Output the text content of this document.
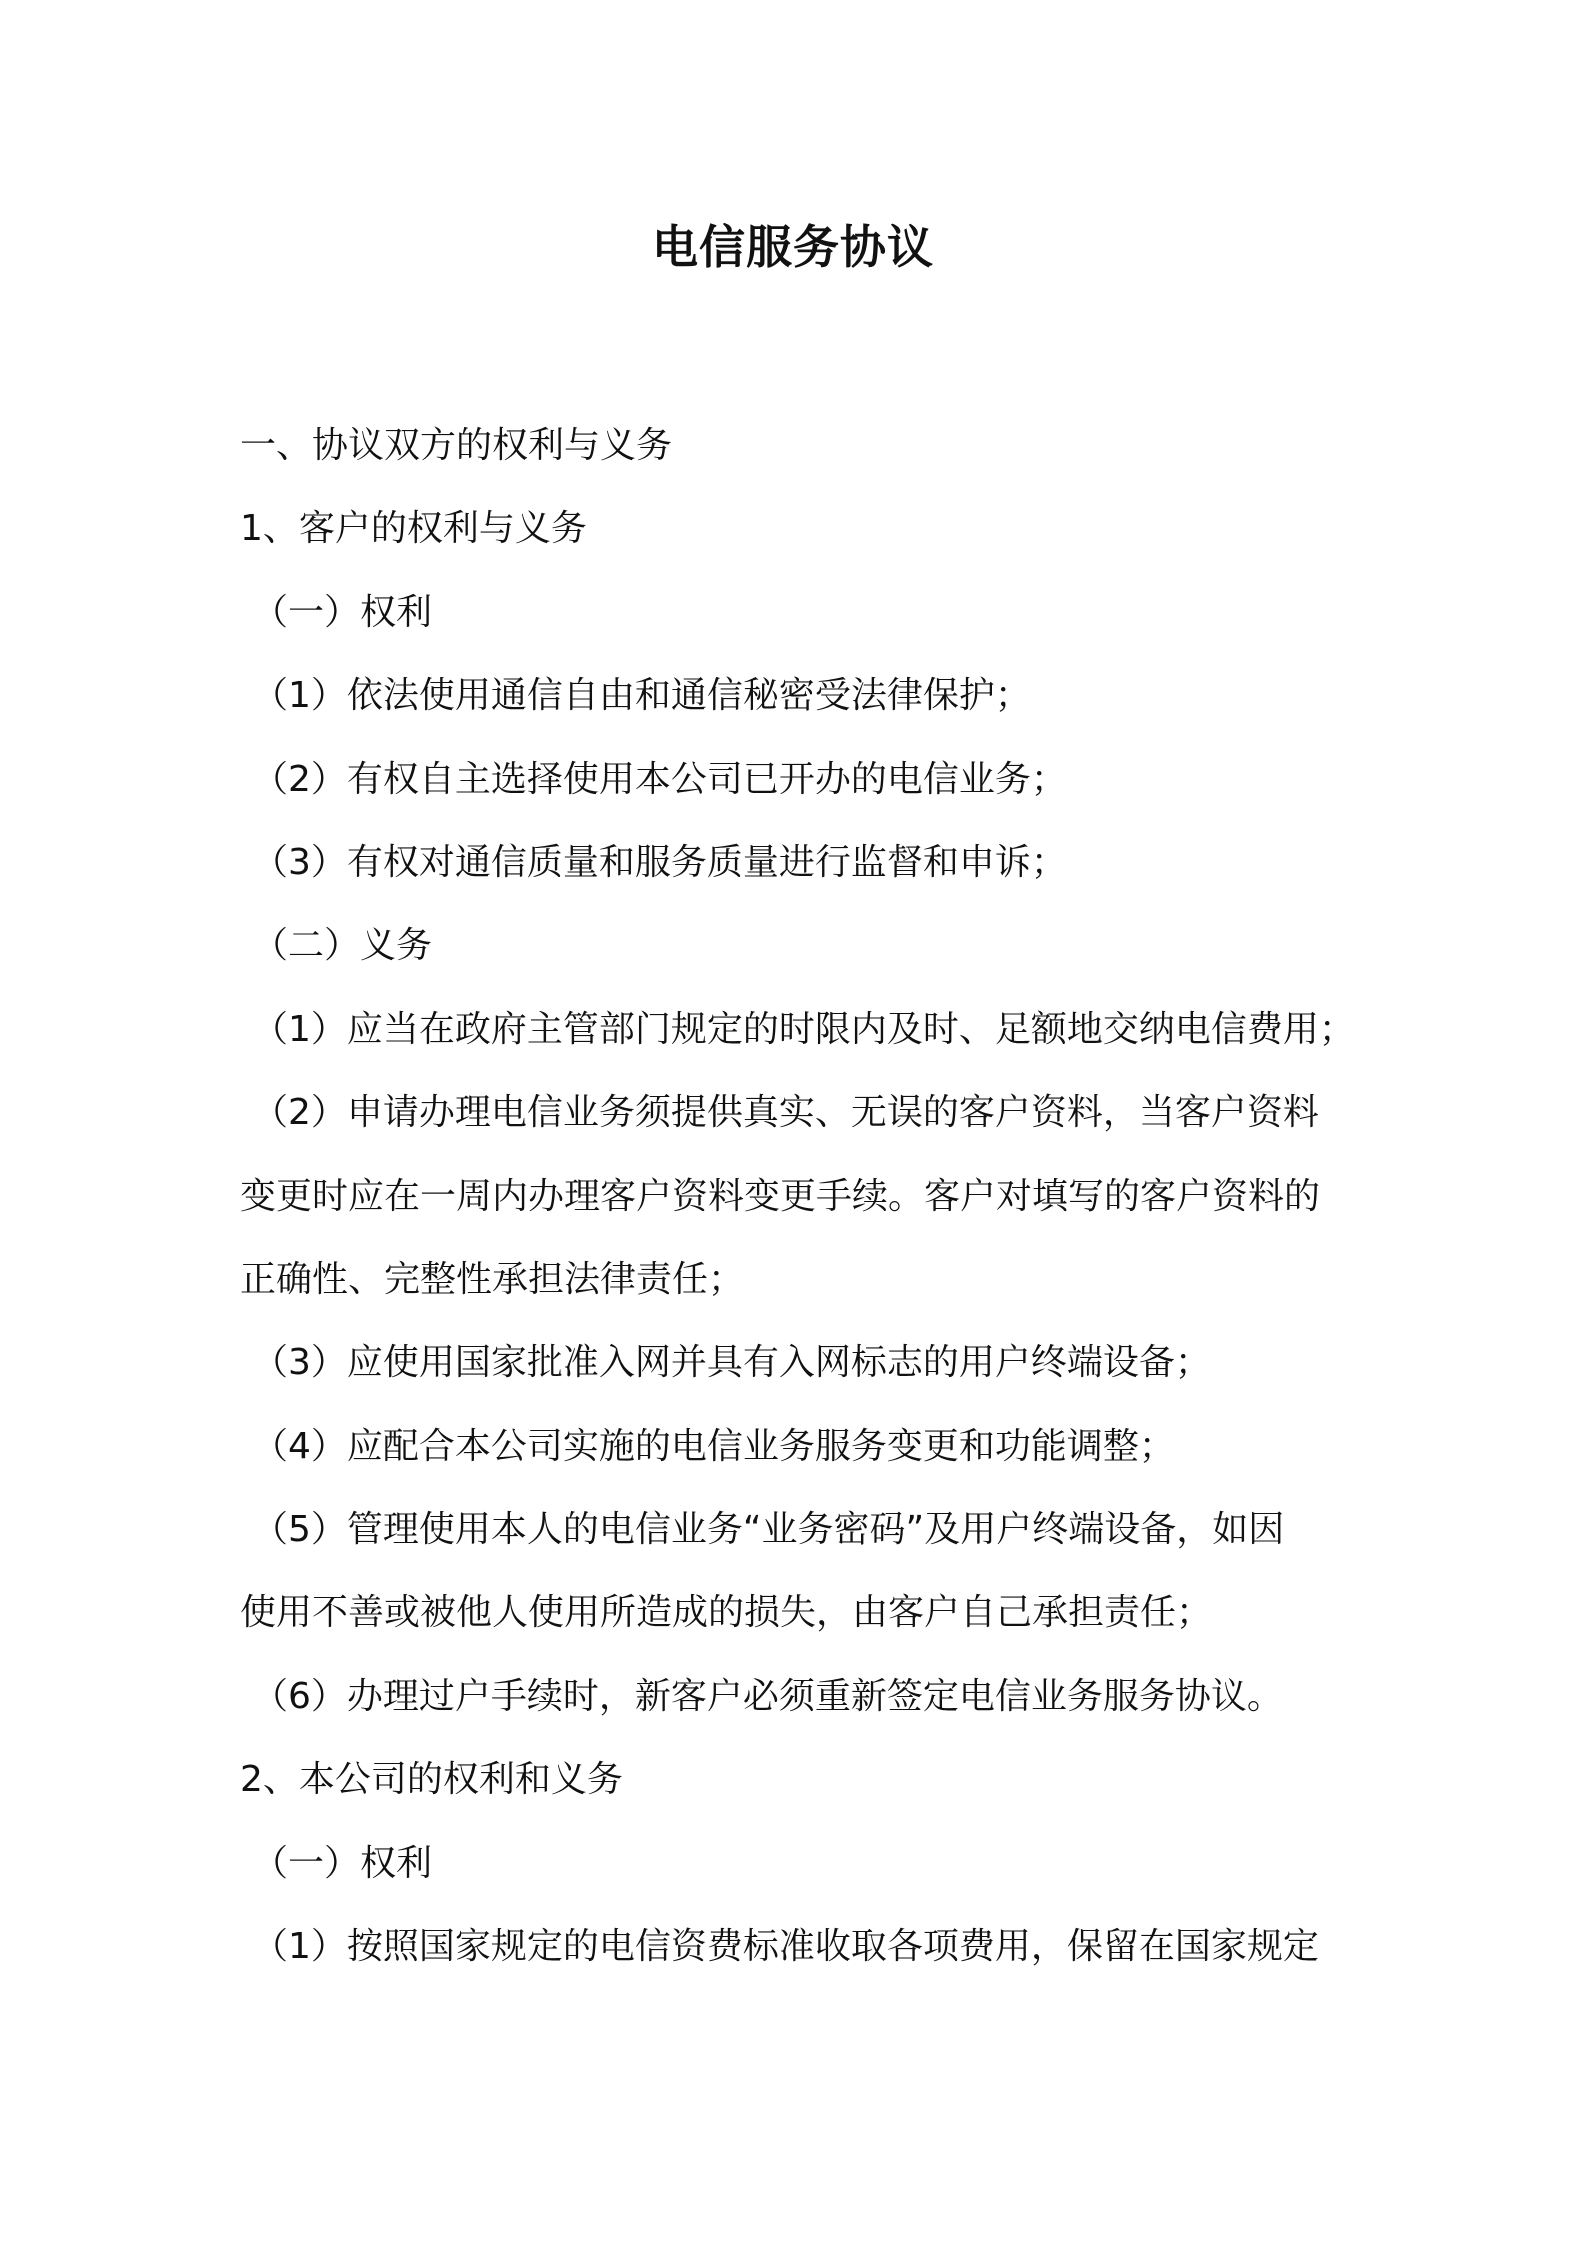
电信服务协议
一、协议双方的权利与义务
1、客户的权利与义务
（一）权利
（1）依法使用通信自由和通信秘密受法律保护；
（2）有权自主选择使用本公司已开办的电信业务；
（3）有权对通信质量和服务质量进行监督和申诉；
（二）义务
（1）应当在政府主管部门规定的时限内及时、足额地交纳电信费用；
（2）申请办理电信业务须提供真实、无误的客户资料，当客户资料
变更时应在一周内办理客户资料变更手续。客户对填写的客户资料的
正确性、完整性承担法律责任；
（3）应使用国家批准入网并具有入网标志的用户终端设备；
（4）应配合本公司实施的电信业务服务变更和功能调整；
（5）管理使用本人的电信业务“业务密码”及用户终端设备，如因
使用不善或被他人使用所造成的损失，由客户自己承担责任；
（6）办理过户手续时，新客户必须重新签定电信业务服务协议。
2、本公司的权利和义务
（一）权利
（1）按照国家规定的电信资费标准收取各项费用，保留在国家规定
